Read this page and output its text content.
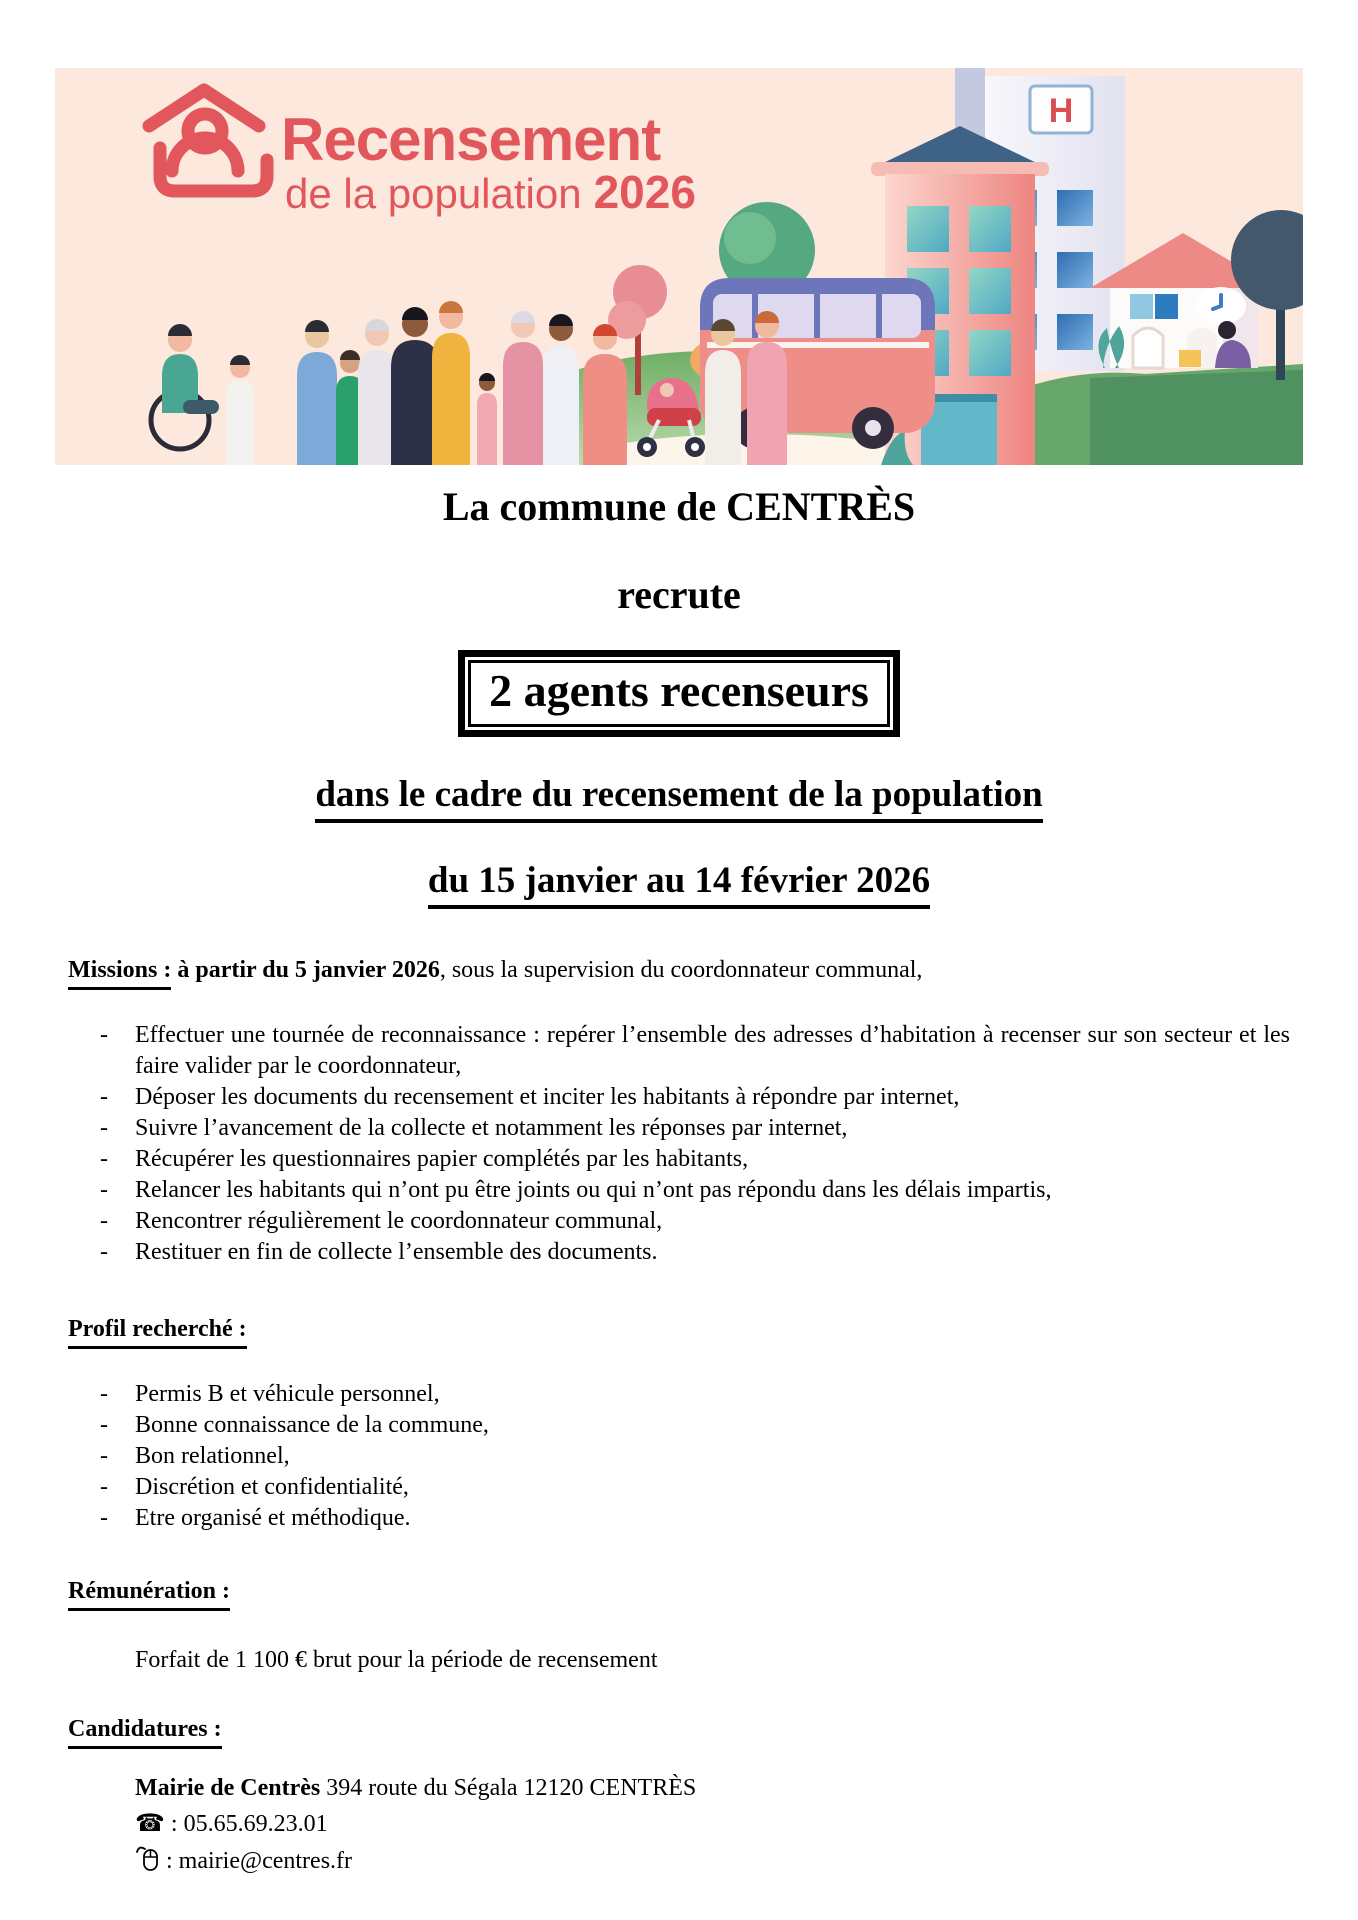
Recensement
de la population 2026
H
La commune de CENTRÈS
recrute
2 agents recenseurs
dans le cadre du recensement de la population
du 15 janvier au 14 février 2026

Missions : à partir du 5 janvier 2026, sous la supervision du coordonnateur communal,

- Effectuer une tournée de reconnaissance : repérer l’ensemble des adresses d’habitation à recenser sur son secteur et les faire valider par le coordonnateur,
- Déposer les documents du recensement et inciter les habitants à répondre par internet,
- Suivre l’avancement de la collecte et notamment les réponses par internet,
- Récupérer les questionnaires papier complétés par les habitants,
- Relancer les habitants qui n’ont pu être joints ou qui n’ont pas répondu dans les délais impartis,
- Rencontrer régulièrement le coordonnateur communal,
- Restituer en fin de collecte l’ensemble des documents.

Profil recherché :

- Permis B et véhicule personnel,
- Bonne connaissance de la commune,
- Bon relationnel,
- Discrétion et confidentialité,
- Etre organisé et méthodique.

Rémunération :

Forfait de 1 100 € brut pour la période de recensement

Candidatures :

Mairie de Centrès 394 route du Ségala 12120 CENTRÈS
☎ : 05.65.69.23.01
: mairie@centres.fr
